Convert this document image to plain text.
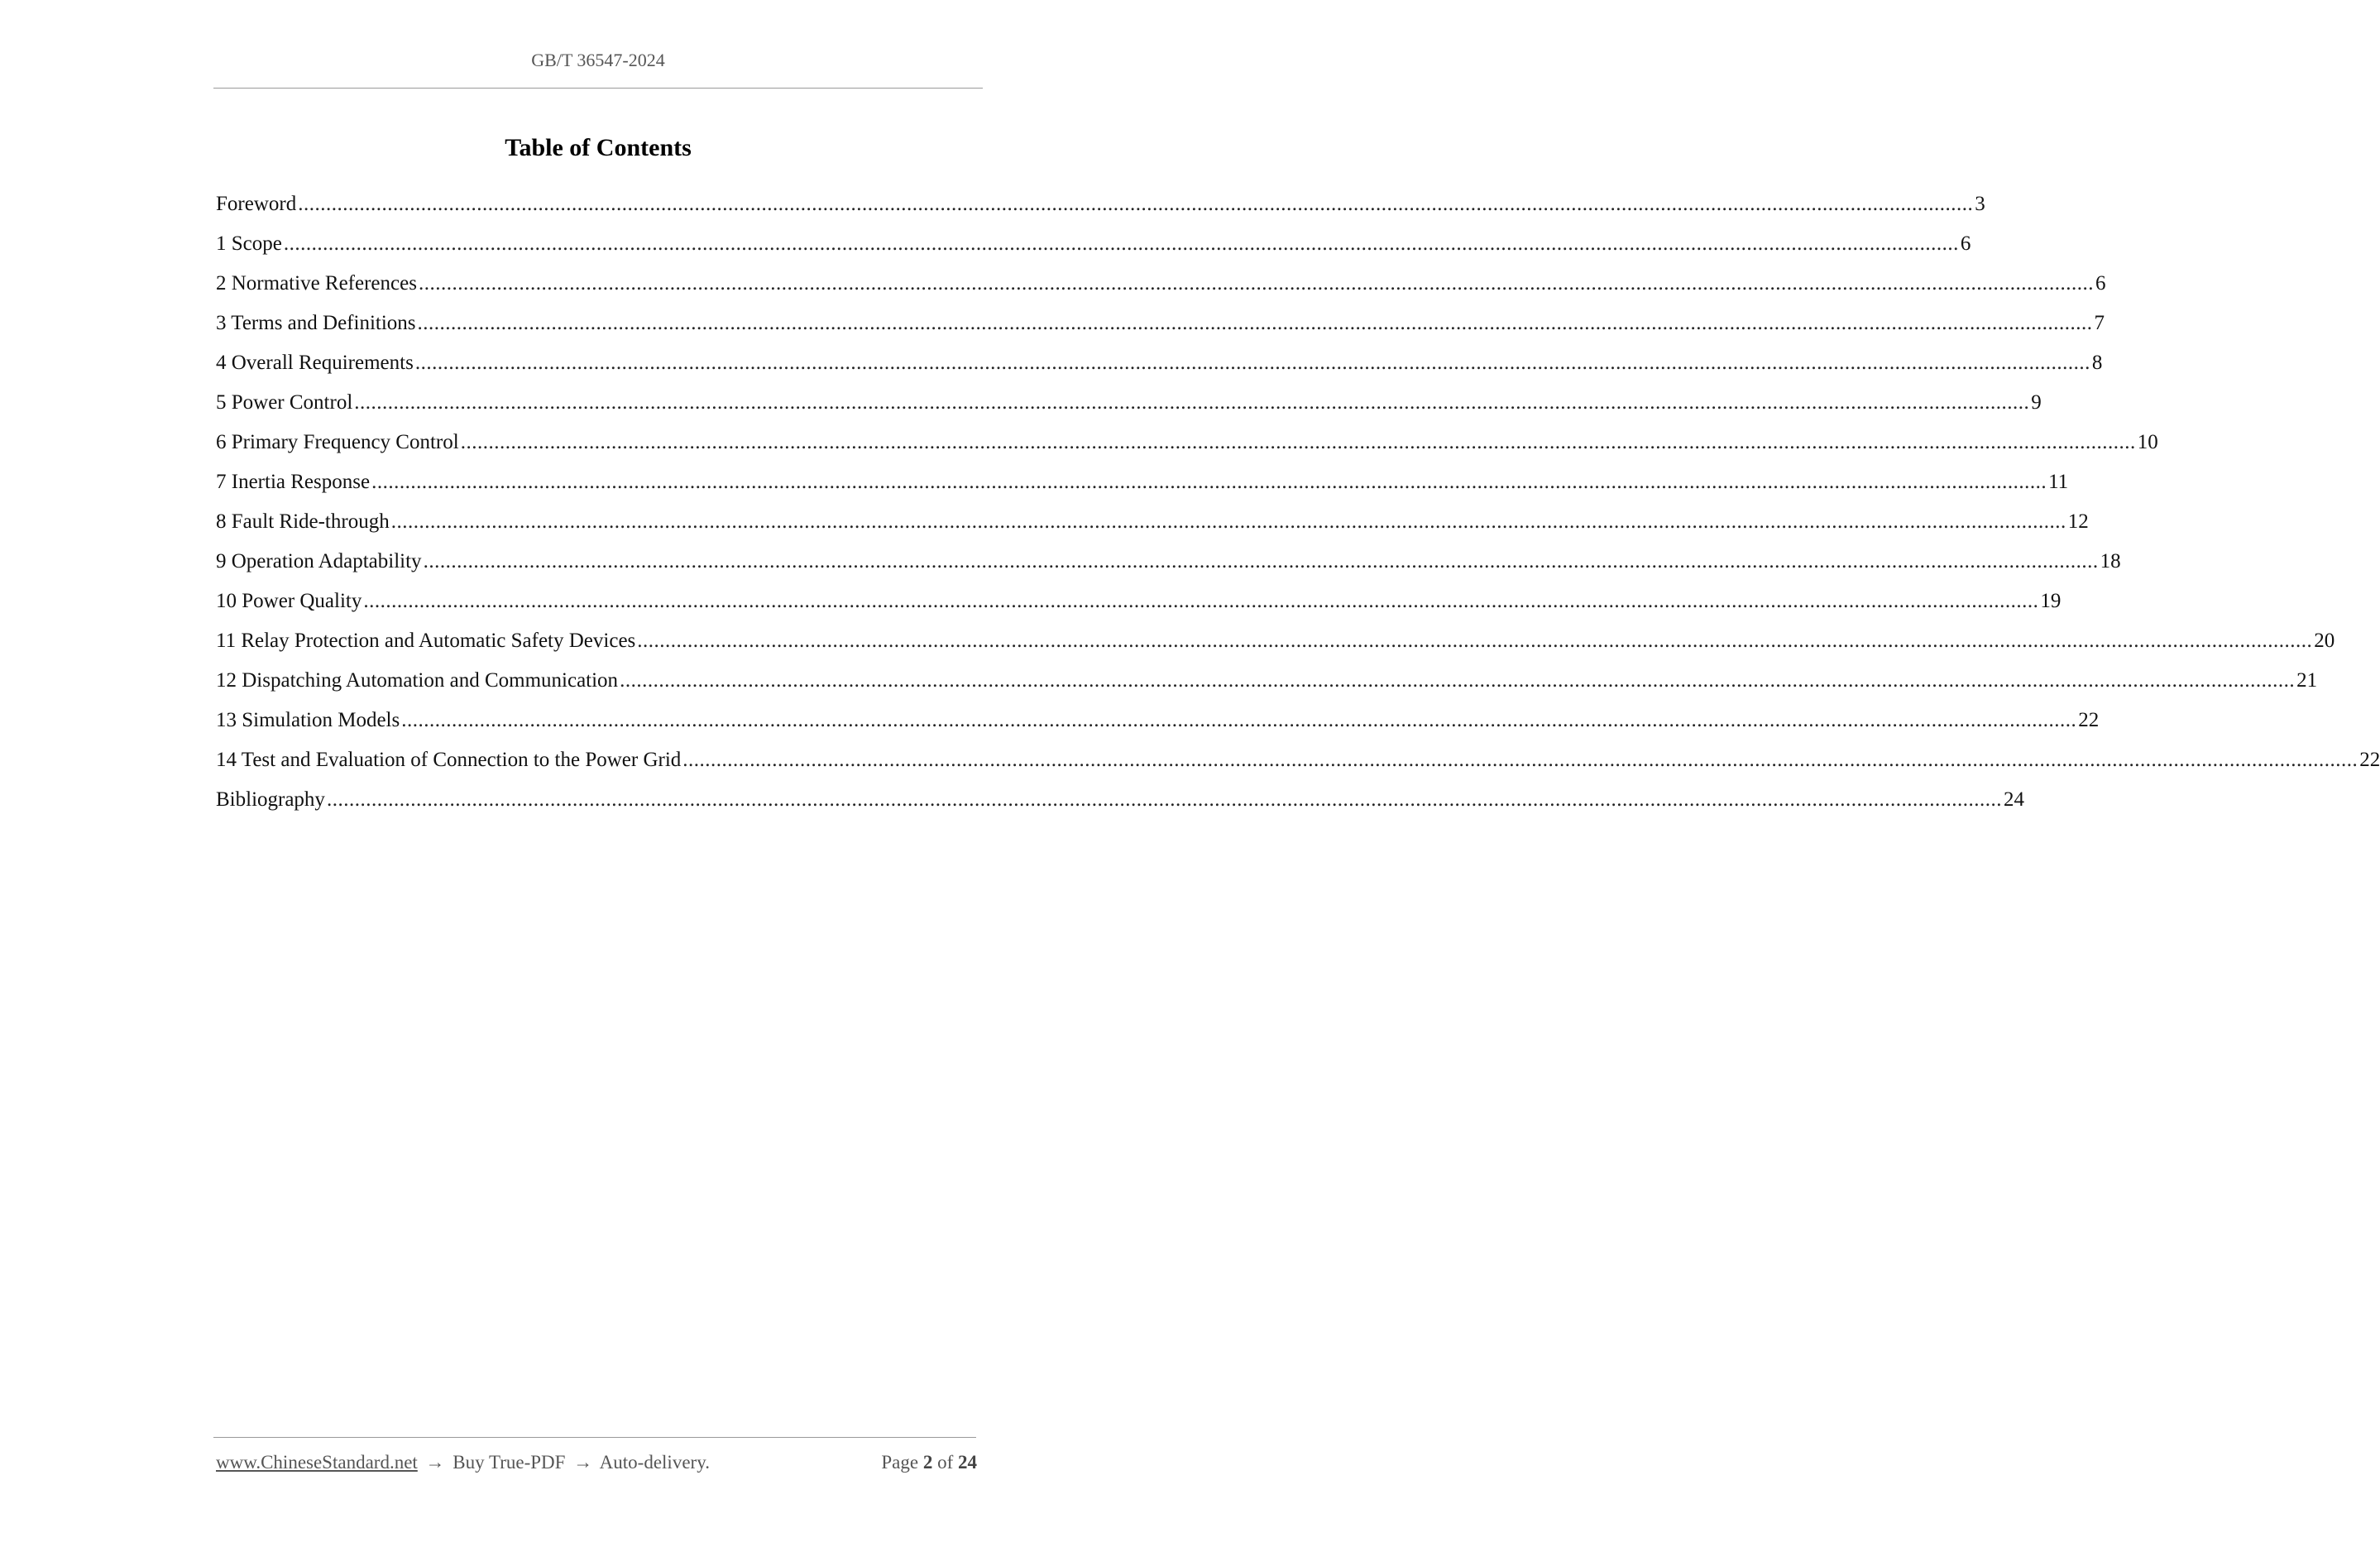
GB/T 36547-2024
Table of Contents
Foreword ............................................................................................................................................................................................................................................................................................................ 3
1 Scope ............................................................................................................................................................................................................................................................................................................ 6
2 Normative References ............................................................................................................................................................................................................................................................................................................ 6
3 Terms and Definitions ............................................................................................................................................................................................................................................................................................................ 7
4 Overall Requirements ............................................................................................................................................................................................................................................................................................................ 8
5 Power Control ............................................................................................................................................................................................................................................................................................................ 9
6 Primary Frequency Control ............................................................................................................................................................................................................................................................................................................ 10
7 Inertia Response ............................................................................................................................................................................................................................................................................................................ 11
8 Fault Ride-through ............................................................................................................................................................................................................................................................................................................ 12
9 Operation Adaptability ............................................................................................................................................................................................................................................................................................................ 18
10 Power Quality ............................................................................................................................................................................................................................................................................................................ 19
11 Relay Protection and Automatic Safety Devices ............................................................................................................................................................................................................................................................................................................ 20
12 Dispatching Automation and Communication ............................................................................................................................................................................................................................................................................................................ 21
13 Simulation Models ............................................................................................................................................................................................................................................................................................................ 22
14 Test and Evaluation of Connection to the Power Grid ............................................................................................................................................................................................................................................................................................................ 22
Bibliography ............................................................................................................................................................................................................................................................................................................ 24
www.ChineseStandard.net → Buy True-PDF → Auto-delivery.	Page 2 of 24
